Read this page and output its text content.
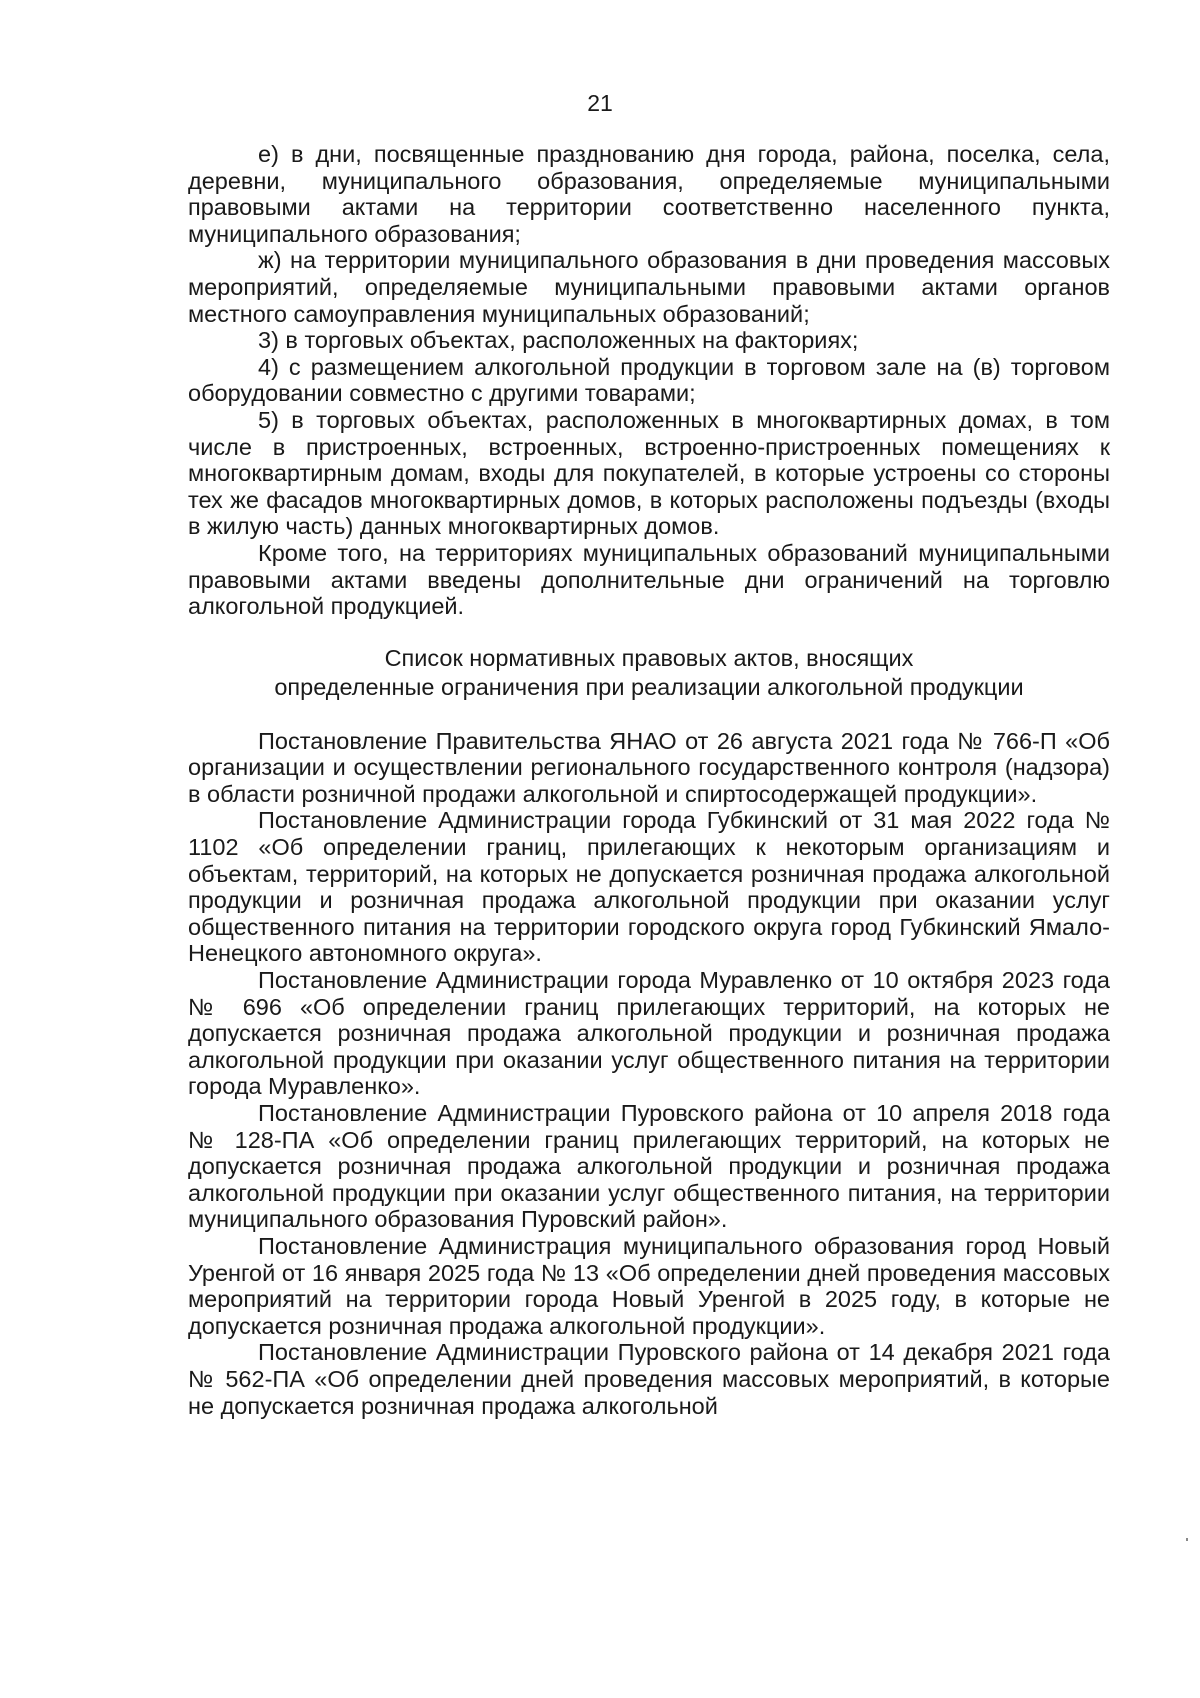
21

е) в дни, посвященные празднованию дня города, района, поселка, села, деревни, муниципального образования, определяемые муниципальными правовыми актами на территории соответственно населенного пункта, муниципального образования;

ж) на территории муниципального образования в дни проведения массовых мероприятий, определяемые муниципальными правовыми актами органов местного самоуправления муниципальных образований;

3) в торговых объектах, расположенных на факториях;

4) с размещением алкогольной продукции в торговом зале на (в) торговом оборудовании совместно с другими товарами;

5) в торговых объектах, расположенных в многоквартирных домах, в том числе в пристроенных, встроенных, встроенно-пристроенных помещениях к многоквартирным домам, входы для покупателей, в которые устроены со стороны тех же фасадов многоквартирных домов, в которых расположены подъезды (входы в жилую часть) данных многоквартирных домов.

Кроме того, на территориях муниципальных образований муниципальными правовыми актами введены дополнительные дни ограничений на торговлю алкогольной продукцией.

Список нормативных правовых актов, вносящих
определенные ограничения при реализации алкогольной продукции

Постановление Правительства ЯНАО от 26 августа 2021 года № 766-П «Об организации и осуществлении регионального государственного контроля (надзора) в области розничной продажи алкогольной и спиртосодержащей продукции».

Постановление Администрации города Губкинский от 31 мая 2022 года № 1102 «Об определении границ, прилегающих к некоторым организациям и объектам, территорий, на которых не допускается розничная продажа алкогольной продукции и розничная продажа алкогольной продукции при оказании услуг общественного питания на территории городского округа город Губкинский Ямало-Ненецкого автономного округа».

Постановление Администрации города Муравленко от 10 октября 2023 года № 696 «Об определении границ прилегающих территорий, на которых не допускается розничная продажа алкогольной продукции и розничная продажа алкогольной продукции при оказании услуг общественного питания на территории города Муравленко».

Постановление Администрации Пуровского района от 10 апреля 2018 года № 128-ПА «Об определении границ прилегающих территорий, на которых не допускается розничная продажа алкогольной продукции и розничная продажа алкогольной продукции при оказании услуг общественного питания, на территории муниципального образования Пуровский район».

Постановление Администрация муниципального образования город Новый Уренгой от 16 января 2025 года № 13 «Об определении дней проведения массовых мероприятий на территории города Новый Уренгой в 2025 году, в которые не допускается розничная продажа алкогольной продукции».

Постановление Администрации Пуровского района от 14 декабря 2021 года № 562-ПА «Об определении дней проведения массовых мероприятий, в которые не допускается розничная продажа алкогольной
